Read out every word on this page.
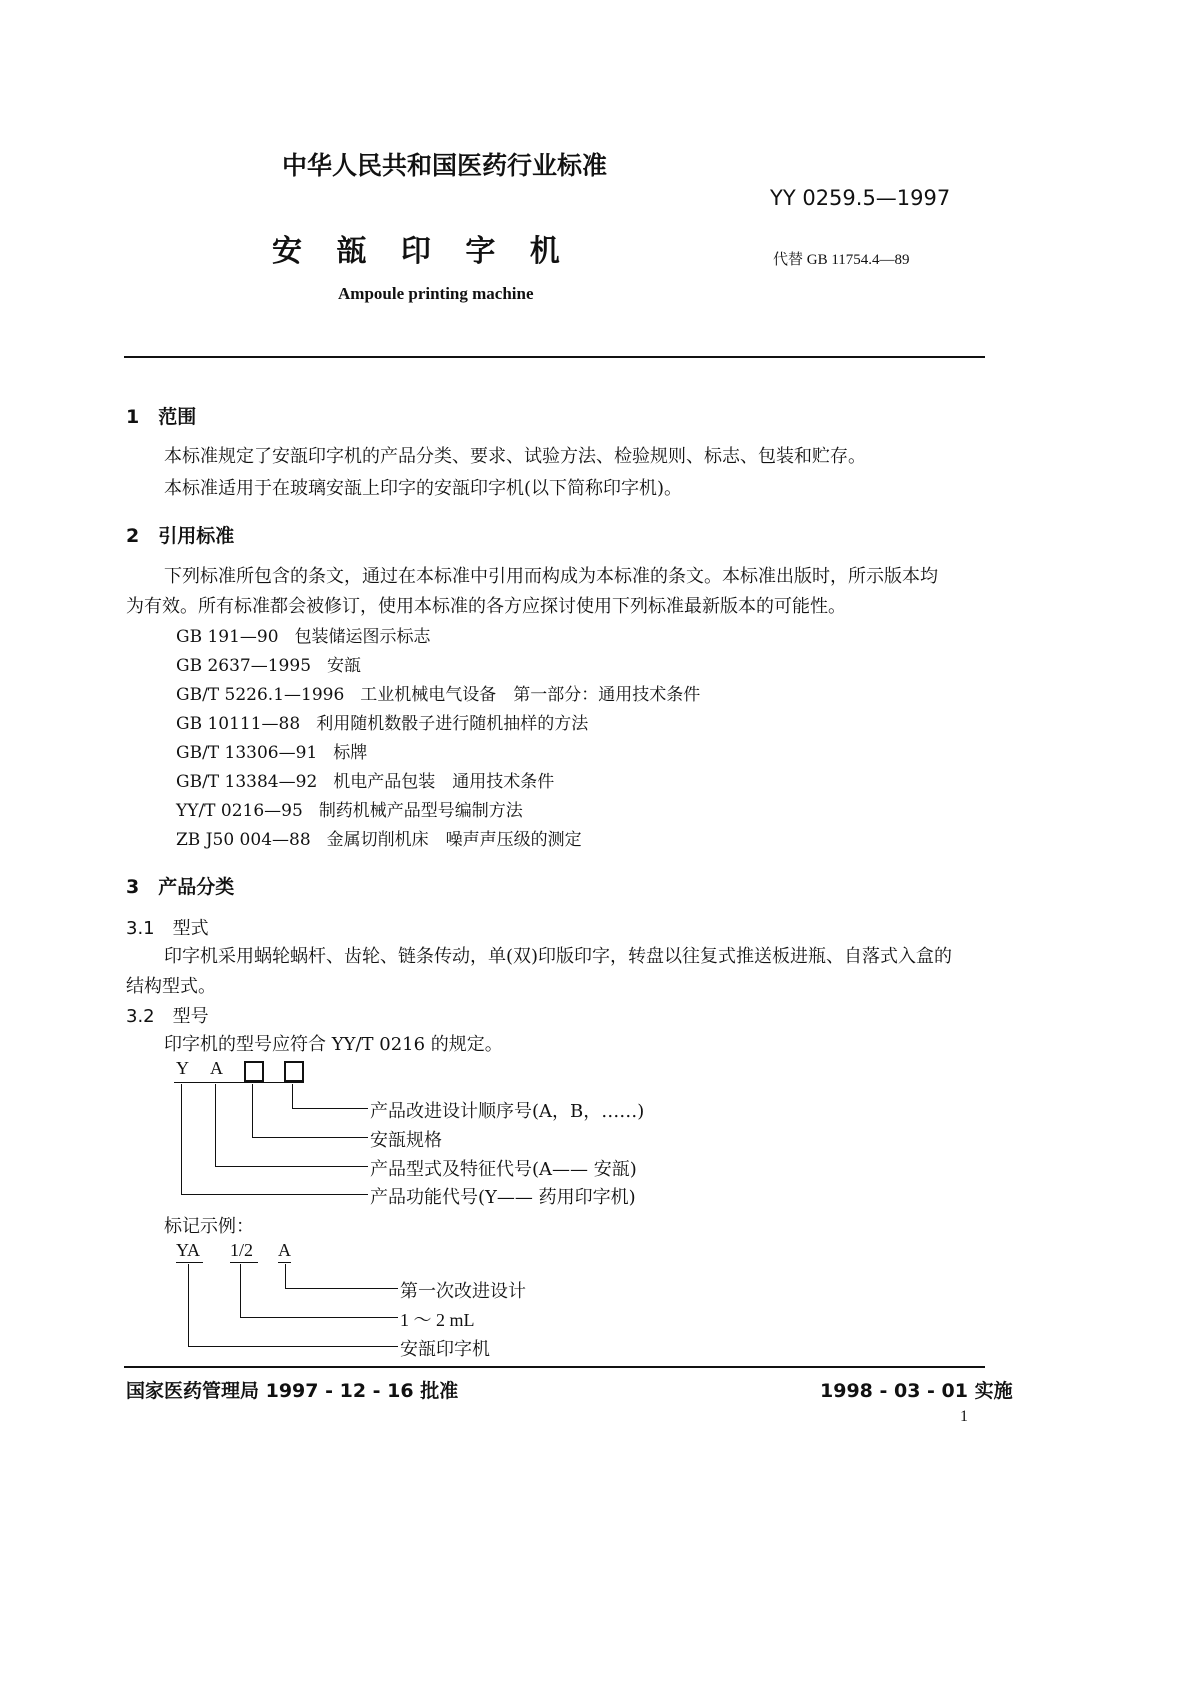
中华人民共和国医药行业标准
YY 0259.5—1997
安 瓿 印 字 机	代替 GB 11754.4—89
Ampoule printing machine
1　范围
本标准规定了安瓿印字机的产品分类、要求、试验方法、检验规则、标志、包装和贮存。
本标准适用于在玻璃安瓿上印字的安瓿印字机(以下简称印字机)。
2　引用标准
下列标准所包含的条文，通过在本标准中引用而构成为本标准的条文。本标准出版时，所示版本均
为有效。所有标准都会被修订，使用本标准的各方应探讨使用下列标准最新版本的可能性。
GB 191—90 包装储运图示标志
GB 2637—1995 安瓿
GB/T 5226.1—1996 工业机械电气设备　第一部分：通用技术条件
GB 10111—88 利用随机数骰子进行随机抽样的方法
GB/T 13306—91 标牌
GB/T 13384—92 机电产品包装　通用技术条件
YY/T 0216—95 制药机械产品型号编制方法
ZB J50 004—88 金属切削机床　噪声声压级的测定
3　产品分类
3.1　型式
印字机采用蜗轮蜗杆、齿轮、链条传动，单(双)印版印字，转盘以往复式推送板进瓶、自落式入盒的
结构型式。
3.2　型号
印字机的型号应符合 YY/T 0216 的规定。
Y A
产品改进设计顺序号(A，B，……)
安瓿规格
产品型式及特征代号(A—— 安瓿)
产品功能代号(Y—— 药用印字机)
标记示例：
YA 1/2 A
第一次改进设计
1 ～ 2 mL
安瓿印字机
国家医药管理局 1997 - 12 - 16 批准	1998 - 03 - 01 实施
1
